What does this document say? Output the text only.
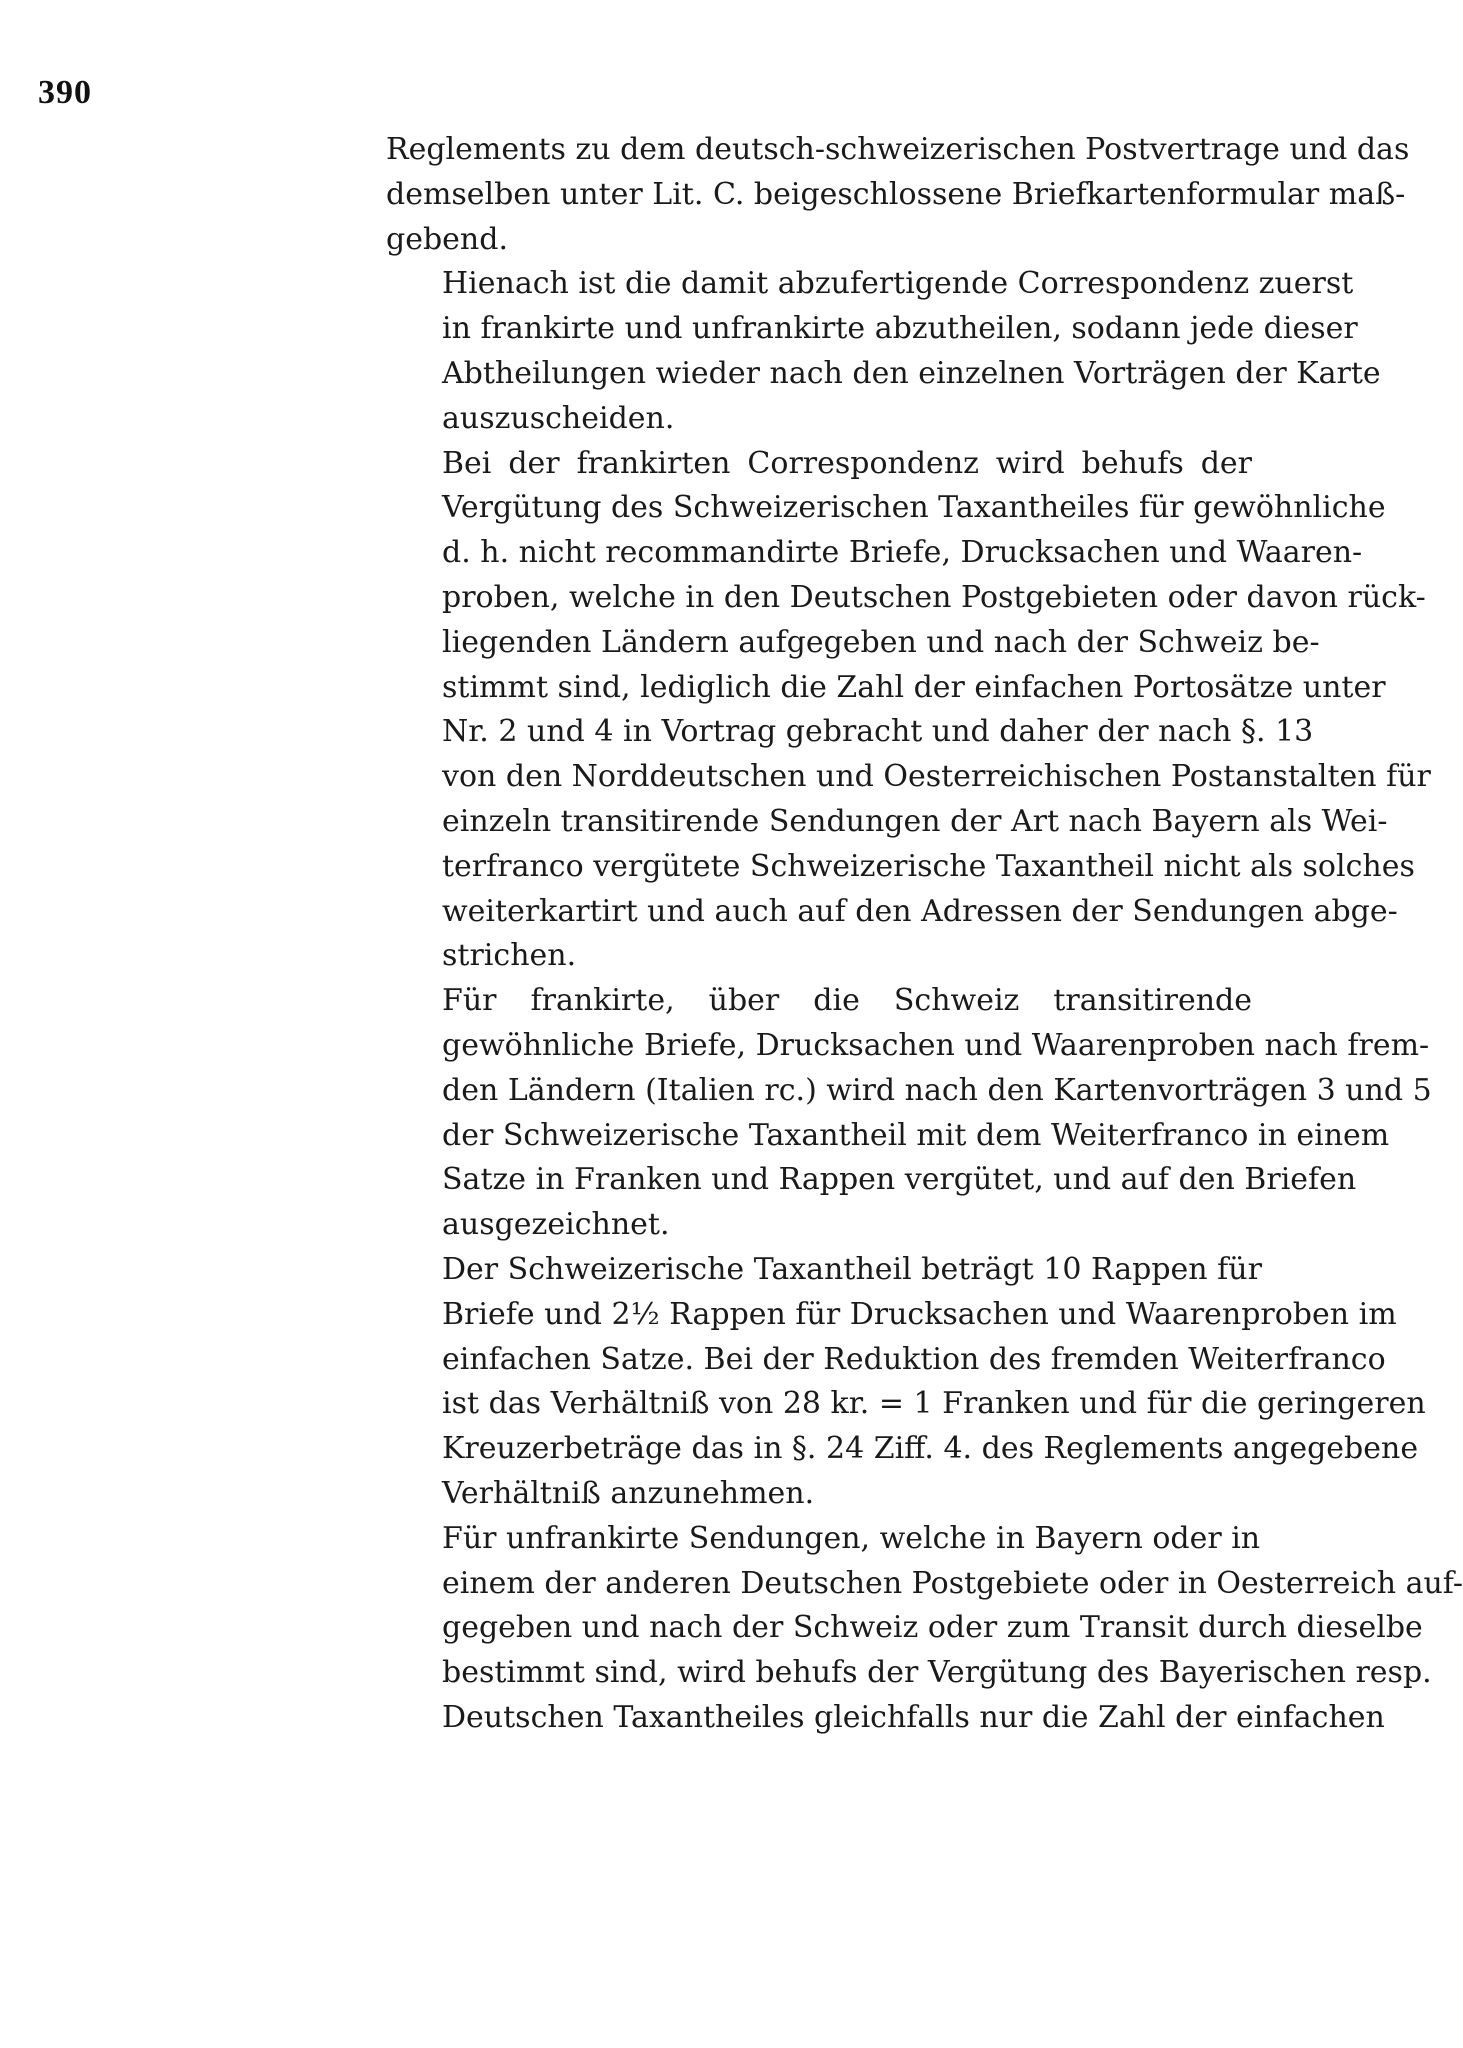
390
Reglements zu dem deutsch-schweizerischen Postvertrage und das
demselben unter Lit. C. beigeschlossene Briefkartenformular maß-
gebend.
Hienach ist die damit abzufertigende Correspondenz zuerst
in frankirte und unfrankirte abzutheilen, sodann jede dieser
Abtheilungen wieder nach den einzelnen Vorträgen der Karte
auszuscheiden.
Bei der frankirten Correspondenz wird behufs der
Vergütung des Schweizerischen Taxantheiles für gewöhnliche
d. h. nicht recommandirte Briefe, Drucksachen und Waaren-
proben, welche in den Deutschen Postgebieten oder davon rück-
liegenden Ländern aufgegeben und nach der Schweiz be-
stimmt sind, lediglich die Zahl der einfachen Portosätze unter
Nr. 2 und 4 in Vortrag gebracht und daher der nach §. 13
von den Norddeutschen und Oesterreichischen Postanstalten für
einzeln transitirende Sendungen der Art nach Bayern als Wei-
terfranco vergütete Schweizerische Taxantheil nicht als solches
weiterkartirt und auch auf den Adressen der Sendungen abge-
strichen.
Für frankirte, über die Schweiz transitirende
gewöhnliche Briefe, Drucksachen und Waarenproben nach frem-
den Ländern (Italien rc.) wird nach den Kartenvorträgen 3 und 5
der Schweizerische Taxantheil mit dem Weiterfranco in einem
Satze in Franken und Rappen vergütet, und auf den Briefen
ausgezeichnet.
Der Schweizerische Taxantheil beträgt 10 Rappen für
Briefe und 2½ Rappen für Drucksachen und Waarenproben im
einfachen Satze. Bei der Reduktion des fremden Weiterfranco
ist das Verhältniß von 28 kr. = 1 Franken und für die geringeren
Kreuzerbeträge das in §. 24 Ziff. 4. des Reglements angegebene
Verhältniß anzunehmen.
Für unfrankirte Sendungen, welche in Bayern oder in
einem der anderen Deutschen Postgebiete oder in Oesterreich auf-
gegeben und nach der Schweiz oder zum Transit durch dieselbe
bestimmt sind, wird behufs der Vergütung des Bayerischen resp.
Deutschen Taxantheiles gleichfalls nur die Zahl der einfachen
